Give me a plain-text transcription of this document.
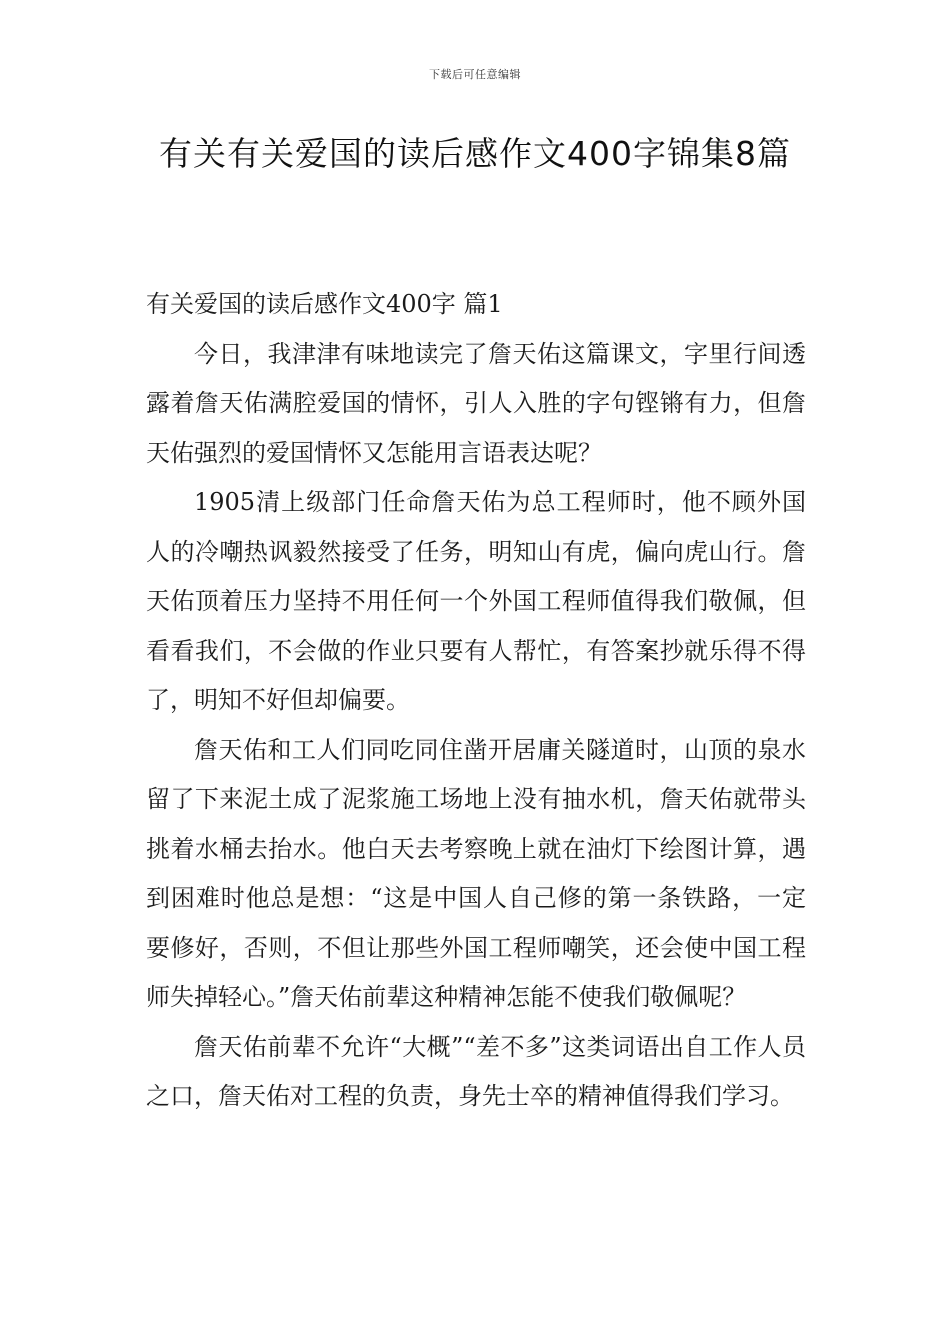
下载后可任意编辑
有关有关爱国的读后感作文400字锦集8篇
有关爱国的读后感作文400字 篇1

今日，我津津有味地读完了詹天佑这篇课文，字里行间透露着詹天佑满腔爱国的情怀，引人入胜的字句铿锵有力，但詹天佑强烈的爱国情怀又怎能用言语表达呢？

1905清上级部门任命詹天佑为总工程师时，他不顾外国人的冷嘲热讽毅然接受了任务，明知山有虎，偏向虎山行。詹天佑顶着压力坚持不用任何一个外国工程师值得我们敬佩，但看看我们，不会做的作业只要有人帮忙，有答案抄就乐得不得了，明知不好但却偏要。

詹天佑和工人们同吃同住凿开居庸关隧道时，山顶的泉水留了下来泥土成了泥浆施工场地上没有抽水机，詹天佑就带头挑着水桶去抬水。他白天去考察晚上就在油灯下绘图计算，遇到困难时他总是想：“这是中国人自己修的第一条铁路，一定要修好，否则，不但让那些外国工程师嘲笑，还会使中国工程师失掉轻心。”詹天佑前辈这种精神怎能不使我们敬佩呢？

詹天佑前辈不允许“大概”“差不多”这类词语出自工作人员之口，詹天佑对工程的负责，身先士卒的精神值得我们学习。
